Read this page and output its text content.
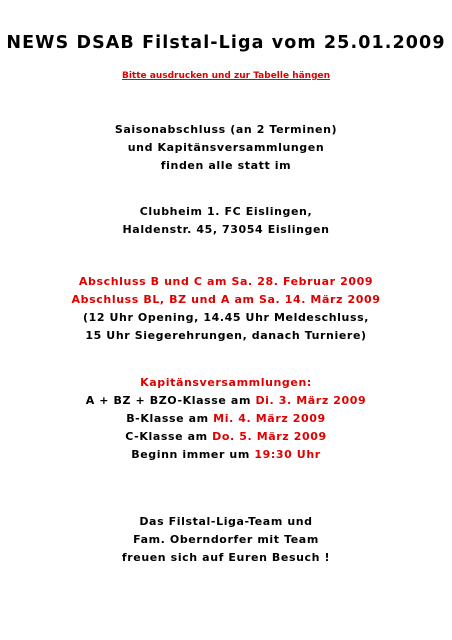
NEWS DSAB Filstal-Liga vom 25.01.2009
Bitte ausdrucken und zur Tabelle hängen
Saisonabschluss (an 2 Terminen)
und Kapitänsversammlungen
finden alle statt im
Clubheim 1. FC Eislingen,
Haldenstr. 45, 73054 Eislingen
Abschluss B und C am Sa. 28. Februar 2009
Abschluss BL, BZ und A am Sa. 14. März 2009
(12 Uhr Opening, 14.45 Uhr Meldeschluss,
15 Uhr Siegerehrungen, danach Turniere)
Kapitänsversammlungen:
A + BZ + BZO-Klasse am Di. 3. März 2009
B-Klasse am Mi. 4. März 2009
C-Klasse am Do. 5. März 2009
Beginn immer um 19:30 Uhr
Das Filstal-Liga-Team und
Fam. Oberndorfer mit Team
freuen sich auf Euren Besuch !
